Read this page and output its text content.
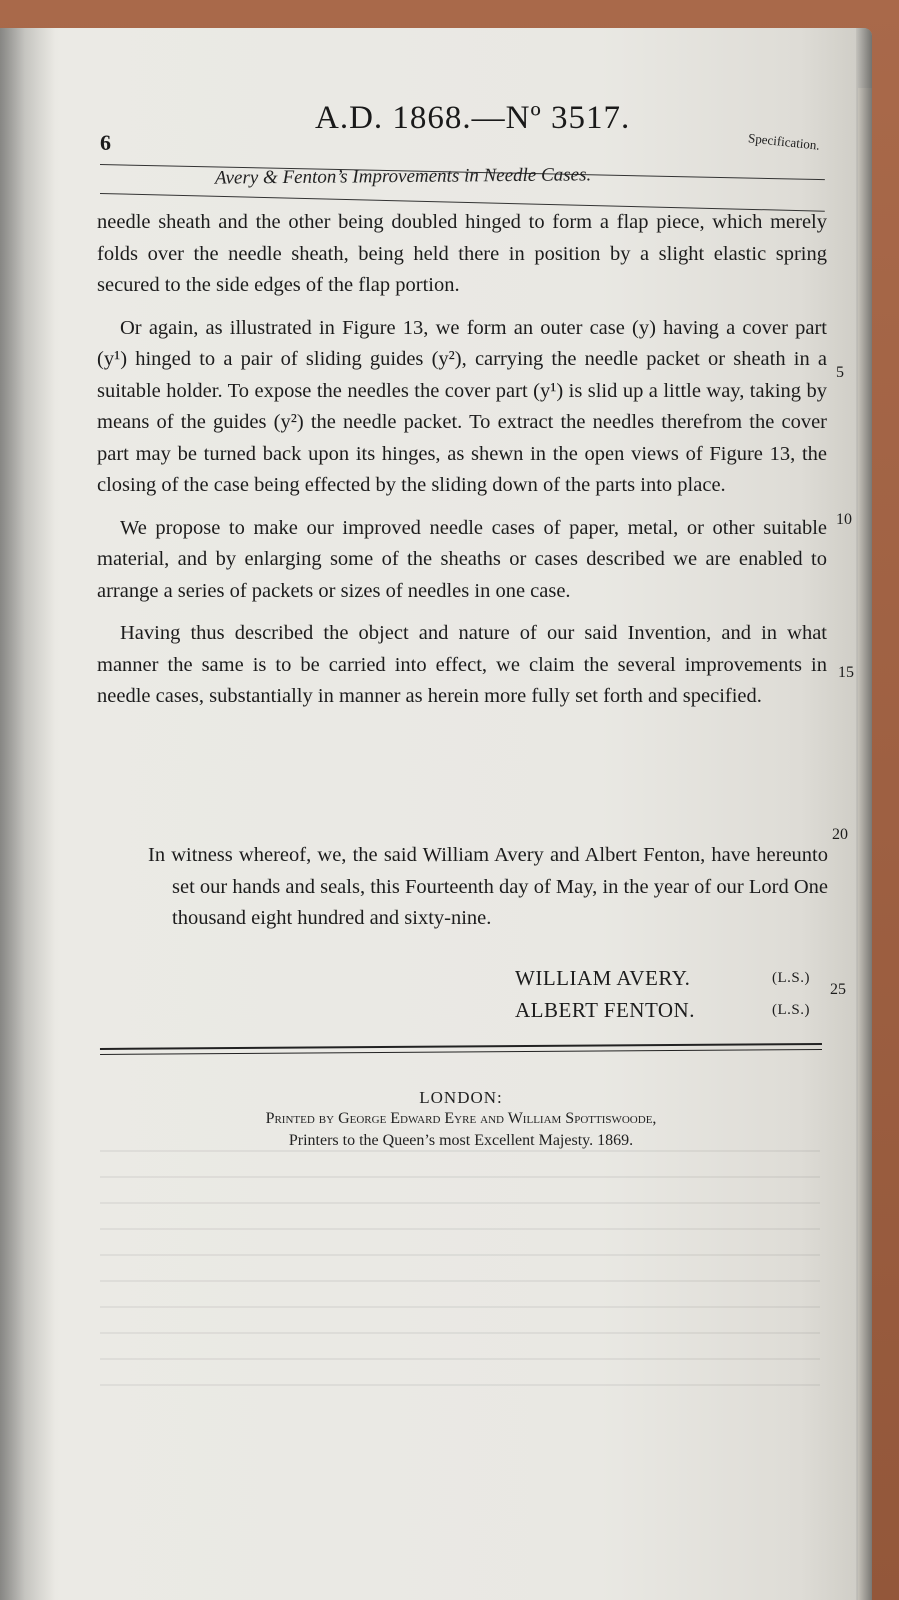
6
A.D. 1868.—Nº 3517.
Specification.
Avery & Fenton’s Improvements in Needle Cases.

needle sheath and the other being doubled hinged to form a flap piece, which merely folds over the needle sheath, being held there in position by a slight elastic spring secured to the side edges of the flap portion.

Or again, as illustrated in Figure 13, we form an outer case (y) having a cover part (y¹) hinged to a pair of sliding guides (y²), carrying the needle packet or sheath in a suitable holder. To expose the needles the cover part (y¹) is slid up a little way, taking by means of the guides (y²) the needle packet. To extract the needles therefrom the cover part may be turned back upon its hinges, as shewn in the open views of Figure 13, the closing of the case being effected by the sliding down of the parts into place.

We propose to make our improved needle cases of paper, metal, or other suitable material, and by enlarging some of the sheaths or cases described we are enabled to arrange a series of packets or sizes of needles in one case.

Having thus described the object and nature of our said Invention, and in what manner the same is to be carried into effect, we claim the several improvements in needle cases, substantially in manner as herein more fully set forth and specified.

In witness whereof, we, the said William Avery and Albert Fenton, have hereunto set our hands and seals, this Fourteenth day of May, in the year of our Lord One thousand eight hundred and sixty-nine.

5
10
15
20
25
WILLIAM AVERY.	(L.S.)
ALBERT FENTON.	(L.S.)
LONDON:
Printed by George Edward Eyre and William Spottiswoode,
Printers to the Queen’s most Excellent Majesty. 1869.
